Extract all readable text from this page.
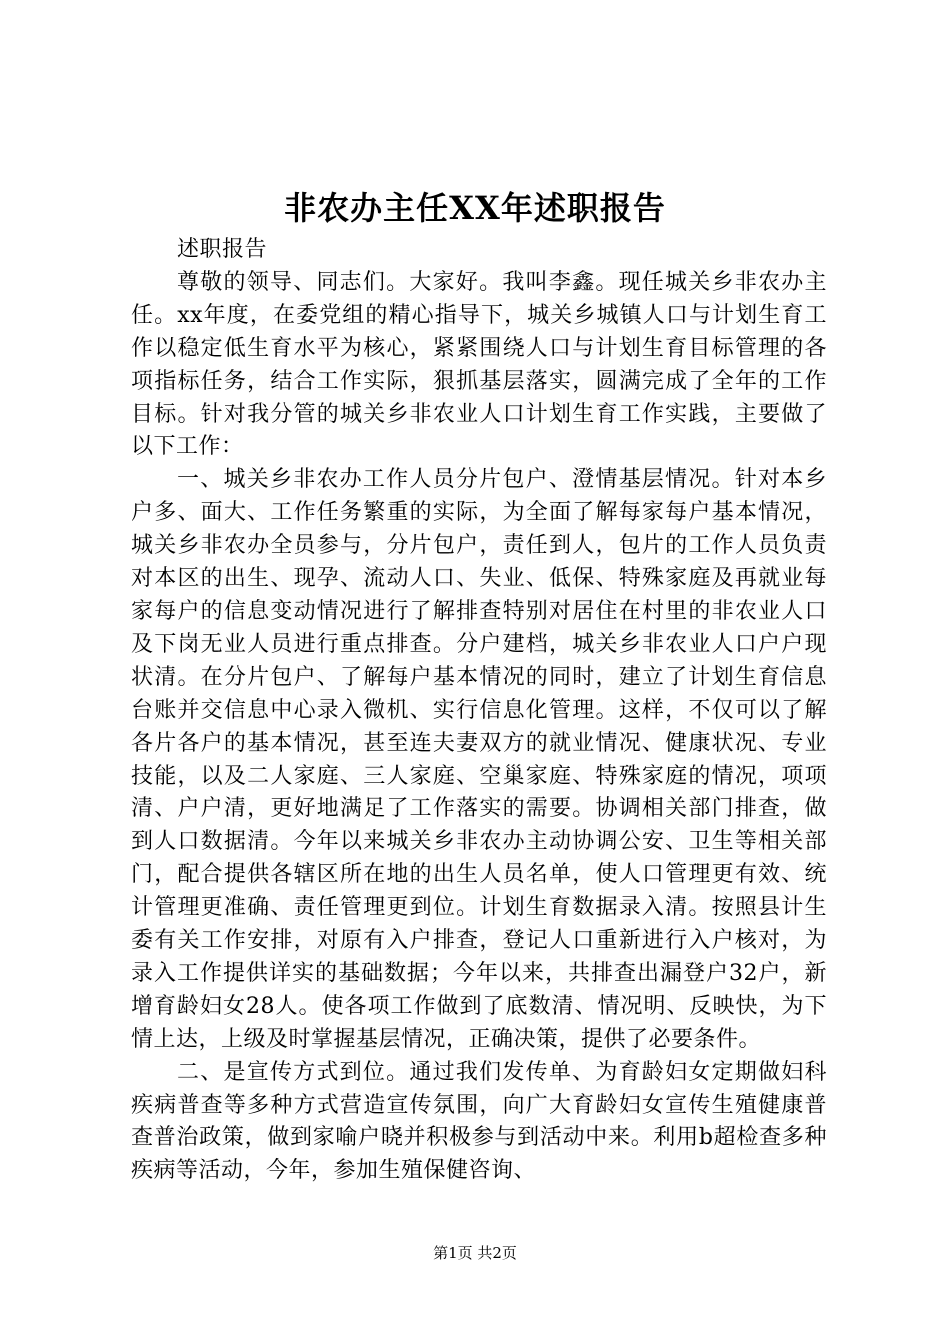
非农办主任XX年述职报告

述职报告

尊敬的领导、同志们。大家好。我叫李鑫。现任城关乡非农办主任。xx年度，在委党组的精心指导下，城关乡城镇人口与计划生育工作以稳定低生育水平为核心，紧紧围绕人口与计划生育目标管理的各项指标任务，结合工作实际，狠抓基层落实，圆满完成了全年的工作目标。针对我分管的城关乡非农业人口计划生育工作实践，主要做了以下工作：

一、城关乡非农办工作人员分片包户、澄情基层情况。针对本乡户多、面大、工作任务繁重的实际，为全面了解每家每户基本情况，城关乡非农办全员参与，分片包户，责任到人，包片的工作人员负责对本区的出生、现孕、流动人口、失业、低保、特殊家庭及再就业每家每户的信息变动情况进行了解排查特别对居住在村里的非农业人口及下岗无业人员进行重点排查。分户建档，城关乡非农业人口户户现状清。在分片包户、了解每户基本情况的同时，建立了计划生育信息台账并交信息中心录入微机、实行信息化管理。这样，不仅可以了解各片各户的基本情况，甚至连夫妻双方的就业情况、健康状况、专业技能，以及二人家庭、三人家庭、空巢家庭、特殊家庭的情况，项项清、户户清，更好地满足了工作落实的需要。协调相关部门排查，做到人口数据清。今年以来城关乡非农办主动协调公安、卫生等相关部门，配合提供各辖区所在地的出生人员名单，使人口管理更有效、统计管理更准确、责任管理更到位。计划生育数据录入清。按照县计生委有关工作安排，对原有入户排查，登记人口重新进行入户核对，为录入工作提供详实的基础数据；今年以来，共排查出漏登户32户，新增育龄妇女28人。使各项工作做到了底数清、情况明、反映快，为下情上达，上级及时掌握基层情况，正确决策，提供了必要条件。

二、是宣传方式到位。通过我们发传单、为育龄妇女定期做妇科疾病普查等多种方式营造宣传氛围，向广大育龄妇女宣传生殖健康普查普治政策，做到家喻户晓并积极参与到活动中来。利用b超检查多种疾病等活动，今年，参加生殖保健咨询、

第1页 共2页
